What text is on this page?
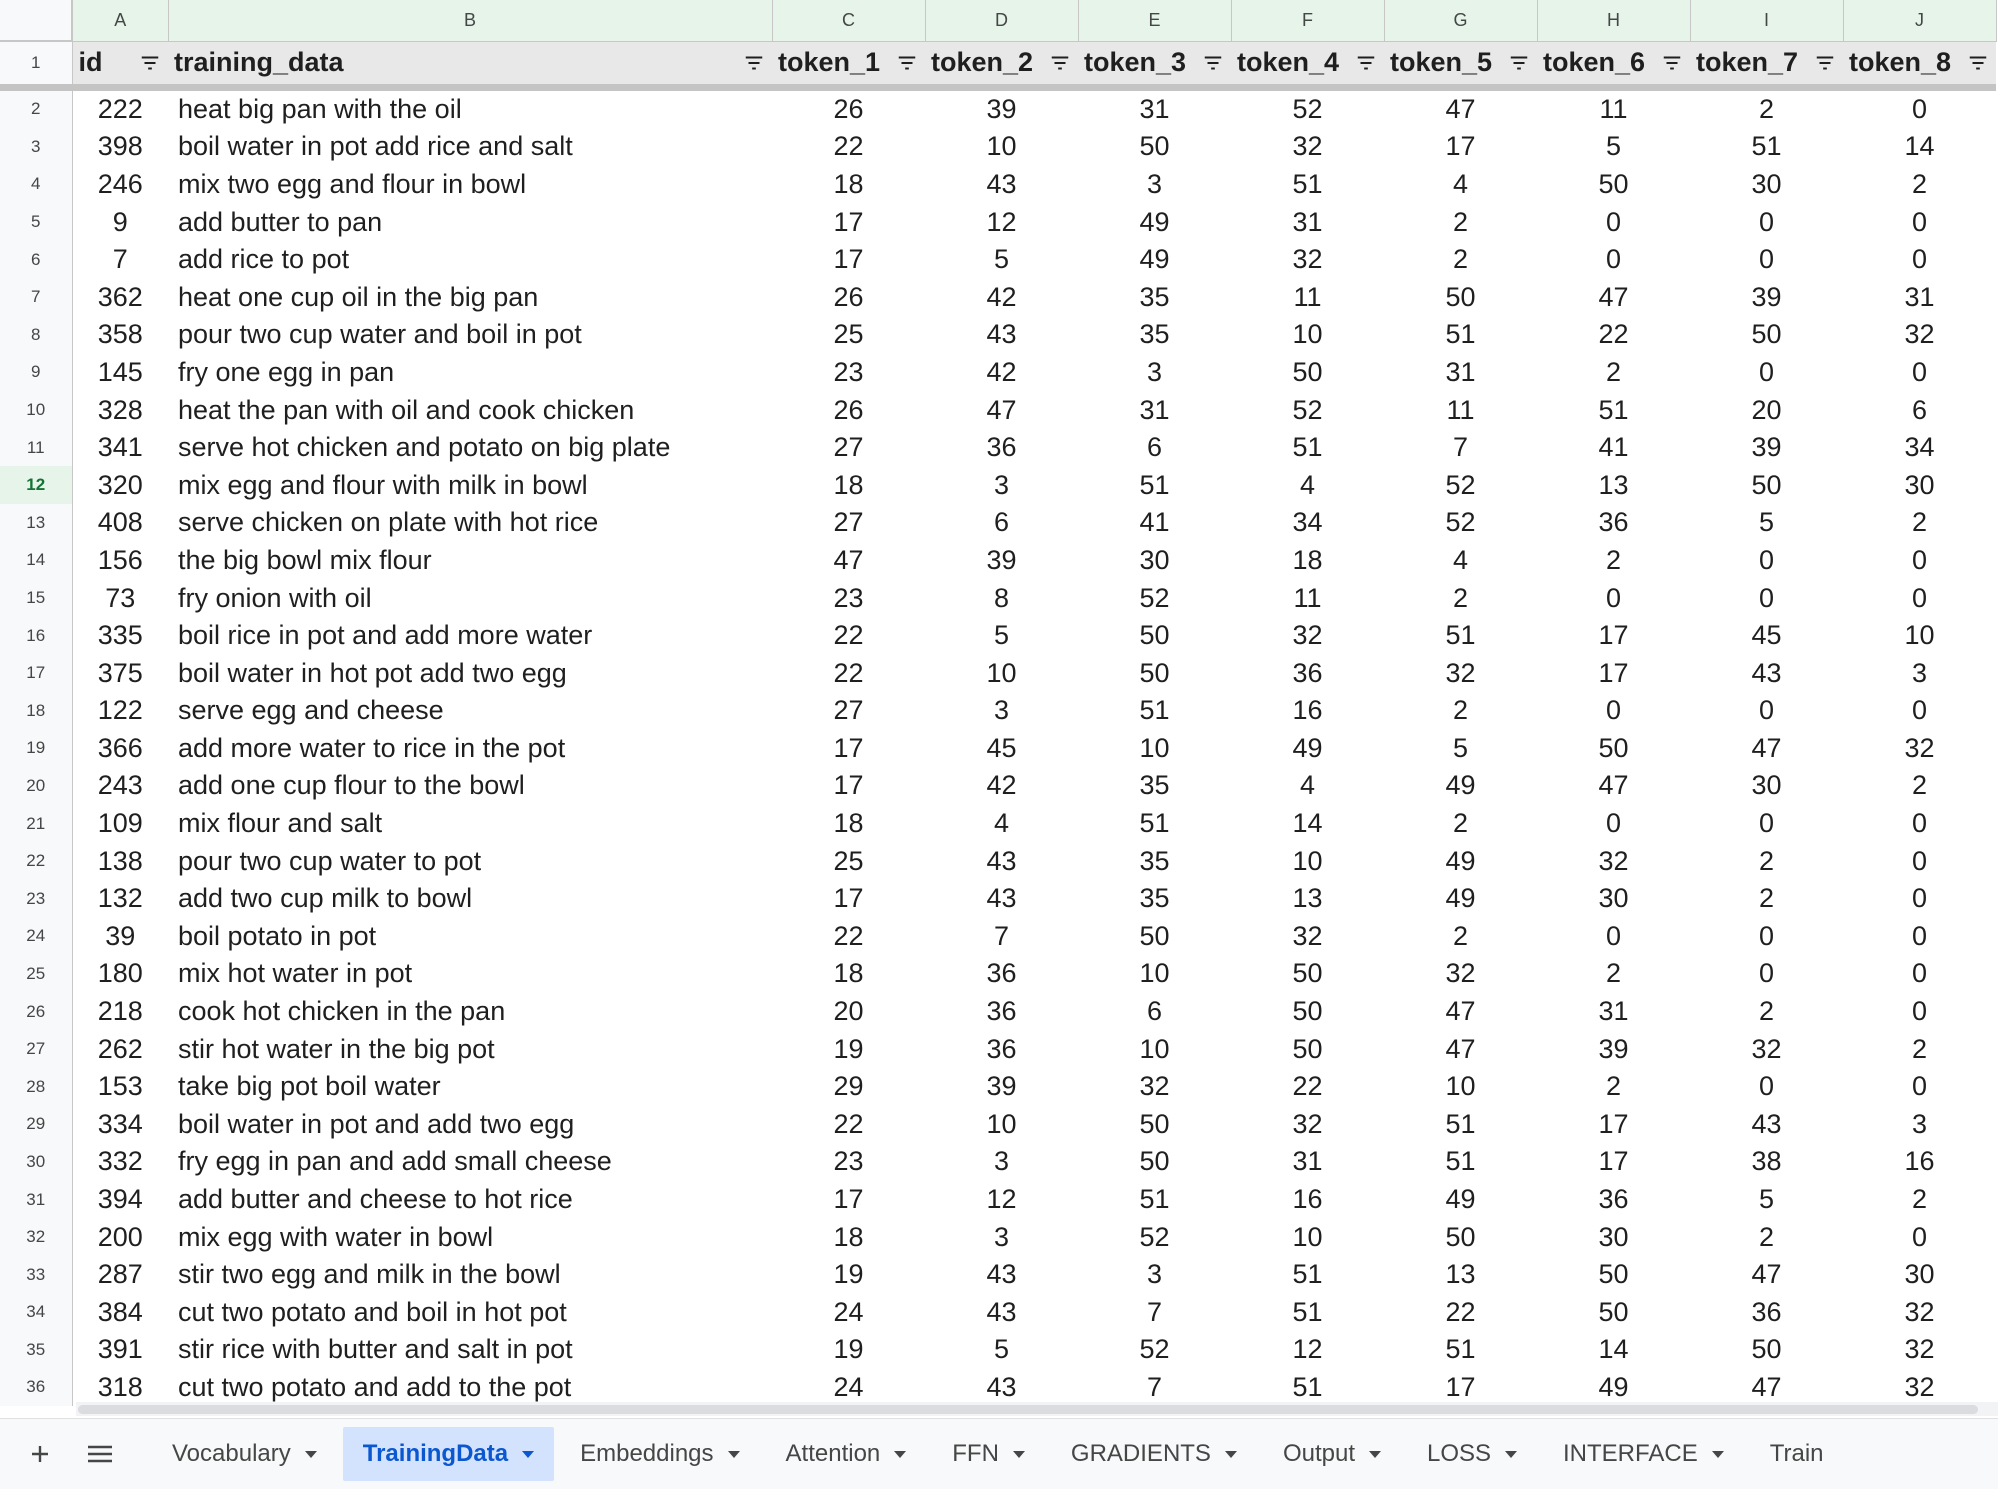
	A	B	C	D	E	F	G	H	I	J
1	id	training_data	token_1	token_2	token_3	token_4	token_5	token_6	token_7	token_8

2	222	heat big pan with the oil	26	39	31	52	47	11	2	0
3	398	boil water in pot add rice and salt	22	10	50	32	17	5	51	14
4	246	mix two egg and flour in bowl	18	43	3	51	4	50	30	2
5	9	add butter to pan	17	12	49	31	2	0	0	0
6	7	add rice to pot	17	5	49	32	2	0	0	0
7	362	heat one cup oil in the big pan	26	42	35	11	50	47	39	31
8	358	pour two cup water and boil in pot	25	43	35	10	51	22	50	32
9	145	fry one egg in pan	23	42	3	50	31	2	0	0
10	328	heat the pan with oil and cook chicken	26	47	31	52	11	51	20	6
11	341	serve hot chicken and potato on big plate	27	36	6	51	7	41	39	34
12	320	mix egg and flour with milk in bowl	18	3	51	4	52	13	50	30
13	408	serve chicken on plate with hot rice	27	6	41	34	52	36	5	2
14	156	the big bowl mix flour	47	39	30	18	4	2	0	0
15	73	fry onion with oil	23	8	52	11	2	0	0	0
16	335	boil rice in pot and add more water	22	5	50	32	51	17	45	10
17	375	boil water in hot pot add two egg	22	10	50	36	32	17	43	3
18	122	serve egg and cheese	27	3	51	16	2	0	0	0
19	366	add more water to rice in the pot	17	45	10	49	5	50	47	32
20	243	add one cup flour to the bowl	17	42	35	4	49	47	30	2
21	109	mix flour and salt	18	4	51	14	2	0	0	0
22	138	pour two cup water to pot	25	43	35	10	49	32	2	0
23	132	add two cup milk to bowl	17	43	35	13	49	30	2	0
24	39	boil potato in pot	22	7	50	32	2	0	0	0
25	180	mix hot water in pot	18	36	10	50	32	2	0	0
26	218	cook hot chicken in the pan	20	36	6	50	47	31	2	0
27	262	stir hot water in the big pot	19	36	10	50	47	39	32	2
28	153	take big pot boil water	29	39	32	22	10	2	0	0
29	334	boil water in pot and add two egg	22	10	50	32	51	17	43	3
30	332	fry egg in pan and add small cheese	23	3	50	31	51	17	38	16
31	394	add butter and cheese to hot rice	17	12	51	16	49	36	5	2
32	200	mix egg with water in bowl	18	3	52	10	50	30	2	0
33	287	stir two egg and milk in the bowl	19	43	3	51	13	50	47	30
34	384	cut two potato and boil in hot pot	24	43	7	51	22	50	36	32
35	391	stir rice with butter and salt in pot	19	5	52	12	51	14	50	32
36	318	cut two potato and add to the pot	24	43	7	51	17	49	47	32
Vocabulary	TrainingData	Embeddings	Attention	FFN	GRADIENTS	Output	LOSS	INTERFACE	Train
